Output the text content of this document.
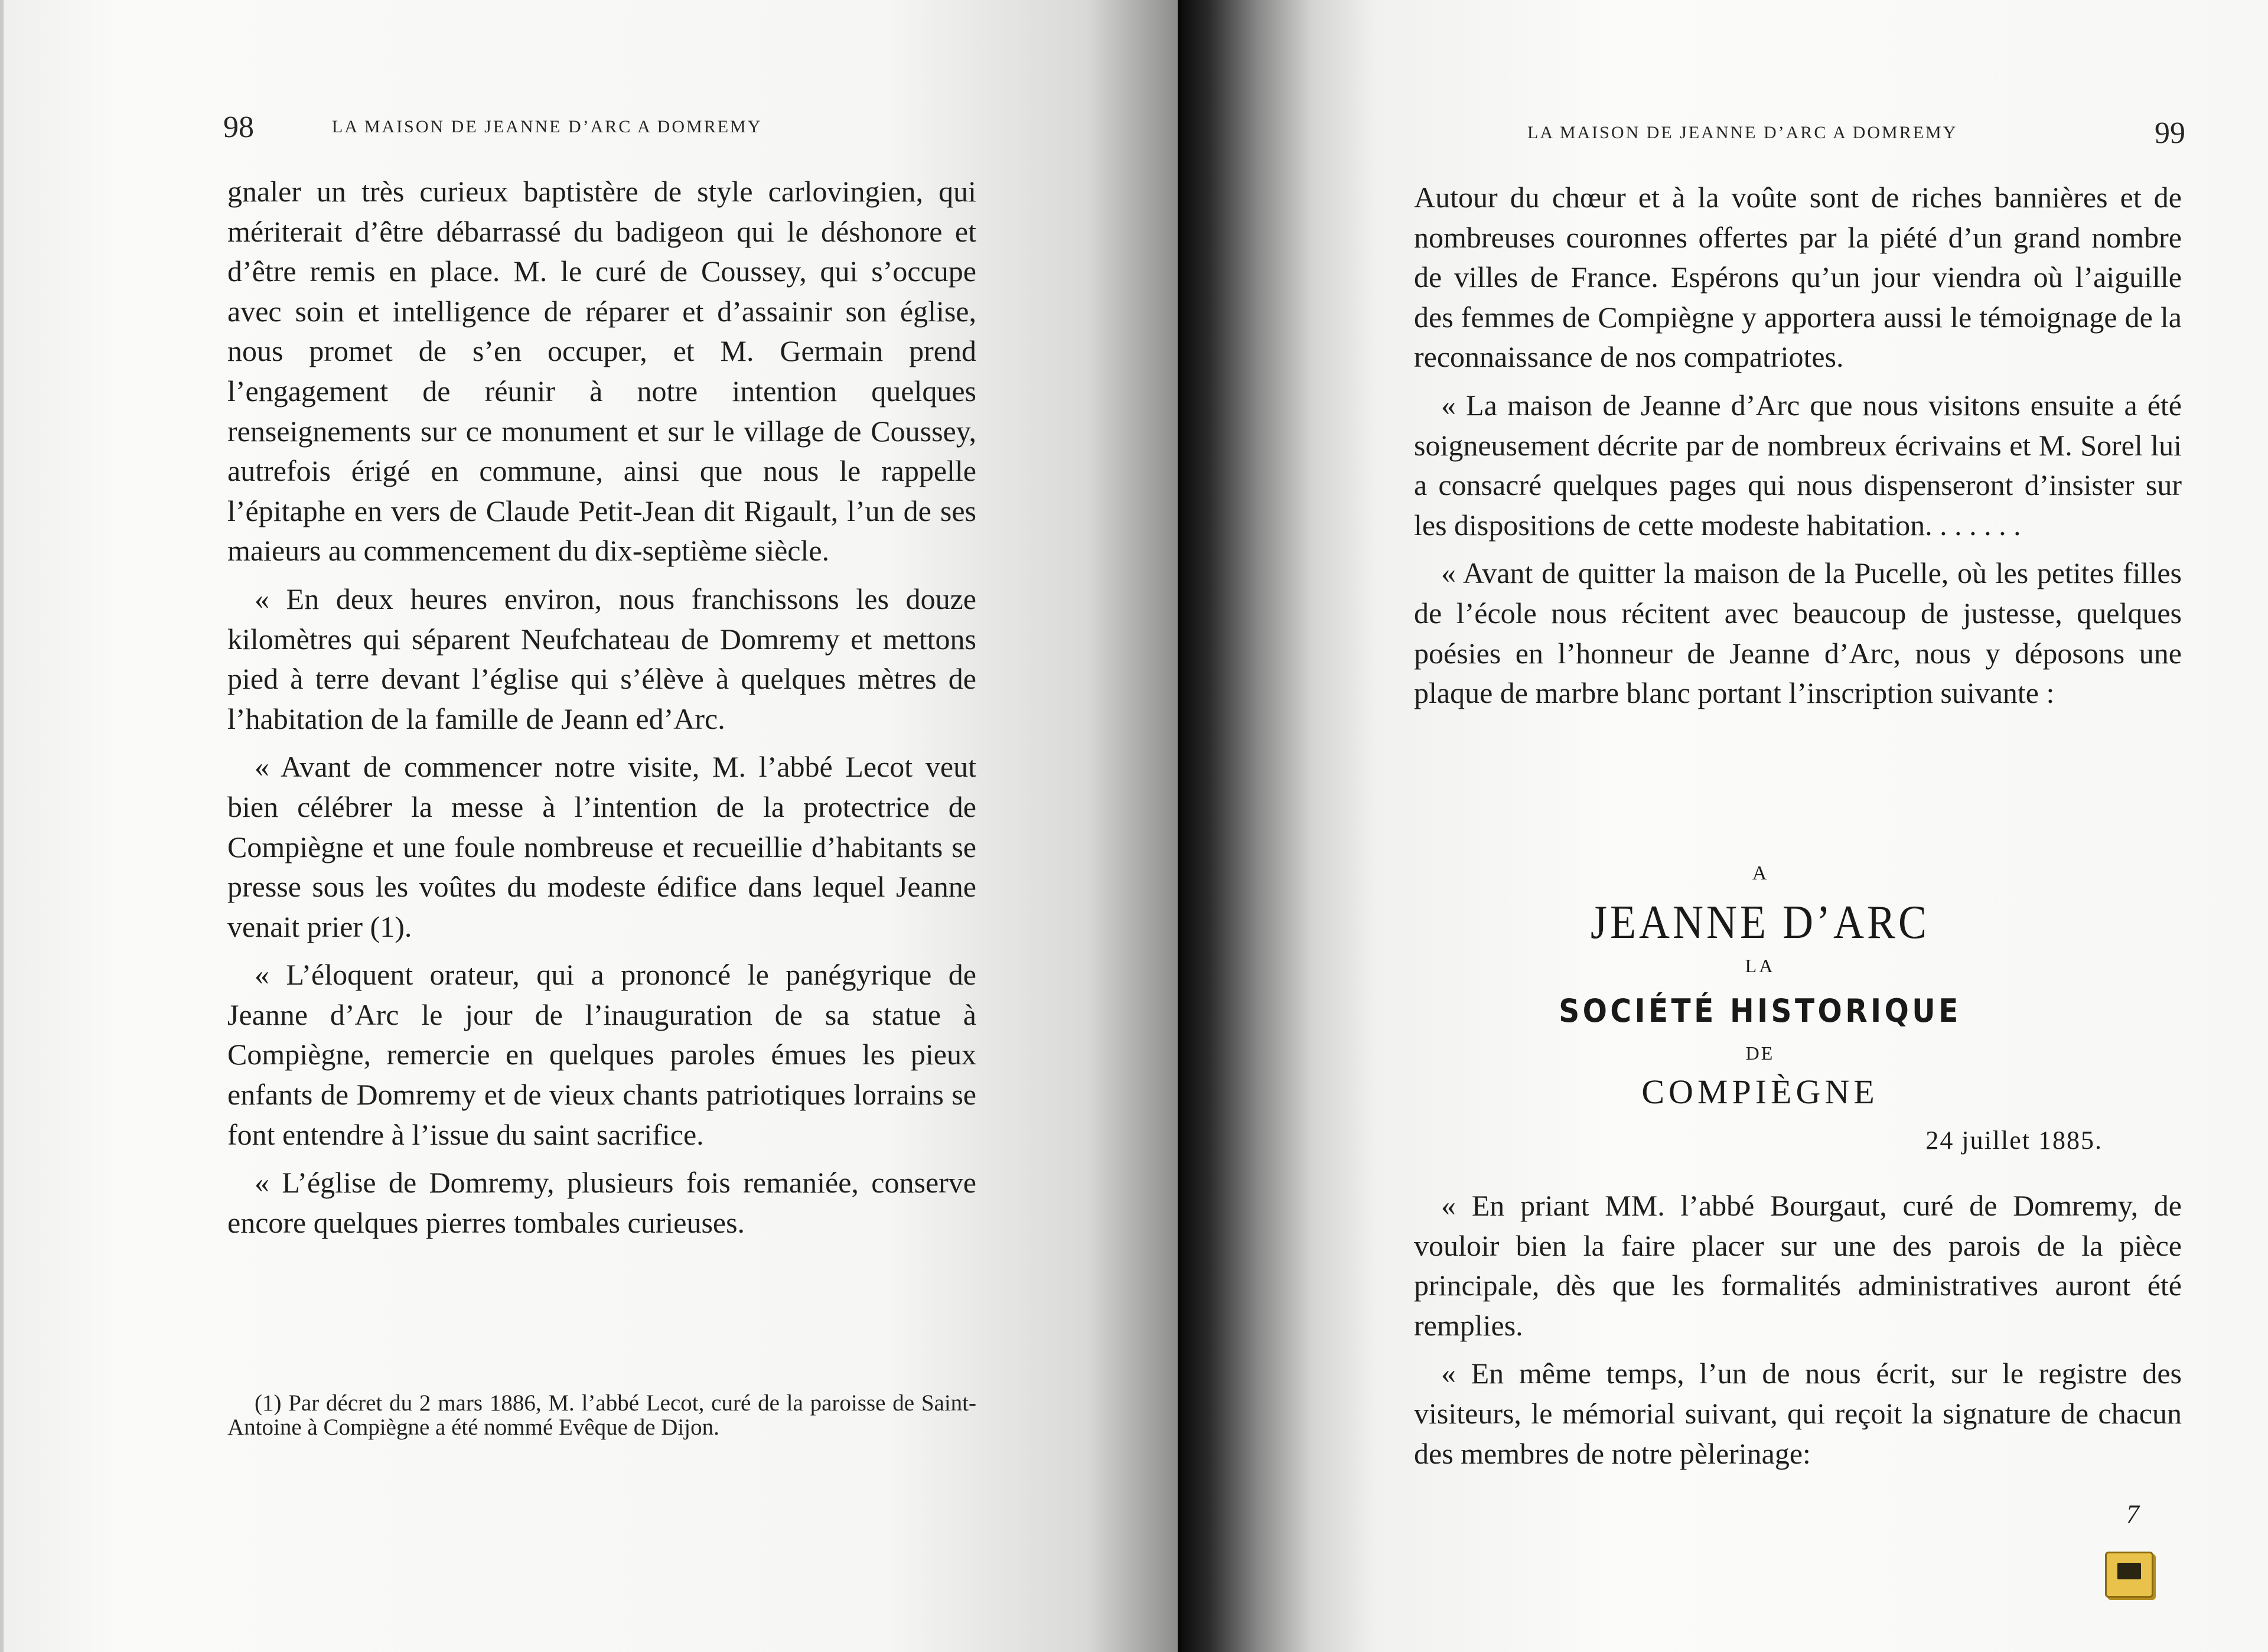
98	LA MAISON DE JEANNE D’ARC A DOMREMY

gnaler un très curieux baptistère de style carlovingien, qui mériterait d’être débarrassé du badigeon qui le déshonore et d’être remis en place. M. le curé de Coussey, qui s’occupe avec soin et intelligence de réparer et d’assainir son église, nous promet de s’en occuper, et M. Germain prend l’engagement de réunir à notre intention quelques renseignements sur ce monument et sur le village de Coussey, autrefois érigé en commune, ainsi que nous le rappelle l’épitaphe en vers de Claude Petit-Jean dit Rigault, l’un de ses maieurs au commencement du dix-septième siècle.

« En deux heures environ, nous franchissons les douze kilomètres qui séparent Neufchateau de Domremy et mettons pied à terre devant l’église qui s’élève à quelques mètres de l’habitation de la famille de Jeann ed’Arc.

« Avant de commencer notre visite, M. l’abbé Lecot veut bien célébrer la messe à l’intention de la protectrice de Compiègne et une foule nombreuse et recueillie d’habitants se presse sous les voûtes du modeste édifice dans lequel Jeanne venait prier (1).

« L’éloquent orateur, qui a prononcé le panégyrique de Jeanne d’Arc le jour de l’inauguration de sa statue à Compiègne, remercie en quelques paroles émues les pieux enfants de Domremy et de vieux chants patriotiques lorrains se font entendre à l’issue du saint sacrifice.

« L’église de Domremy, plusieurs fois remaniée, conserve encore quelques pierres tombales curieuses.

(1) Par décret du 2 mars 1886, M. l’abbé Lecot, curé de la paroisse de Saint-Antoine à Compiègne a été nommé Evêque de Dijon.
LA MAISON DE JEANNE D’ARC A DOMREMY	99

Autour du chœur et à la voûte sont de riches bannières et de nombreuses couronnes offertes par la piété d’un grand nombre de villes de France. Espérons qu’un jour viendra où l’aiguille des femmes de Compiègne y apportera aussi le témoignage de la reconnaissance de nos compatriotes.

« La maison de Jeanne d’Arc que nous visitons ensuite a été soigneusement décrite par de nombreux écrivains et M. Sorel lui a consacré quelques pages qui nous dispenseront d’insister sur les dispositions de cette modeste habitation. . . . . . .

« Avant de quitter la maison de la Pucelle, où les petites filles de l’école nous récitent avec beaucoup de justesse, quelques poésies en l’honneur de Jeanne d’Arc, nous y déposons une plaque de marbre blanc portant l’inscription suivante :

A
JEANNE D’ARC
LA
SOCIÉTÉ HISTORIQUE
DE
COMPIÈGNE
24 juillet 1885.

« En priant MM. l’abbé Bourgaut, curé de Domremy, de vouloir bien la faire placer sur une des parois de la pièce principale, dès que les formalités administratives auront été remplies.

« En même temps, l’un de nous écrit, sur le registre des visiteurs, le mémorial suivant, qui reçoit la signature de chacun des membres de notre pèlerinage:

7
